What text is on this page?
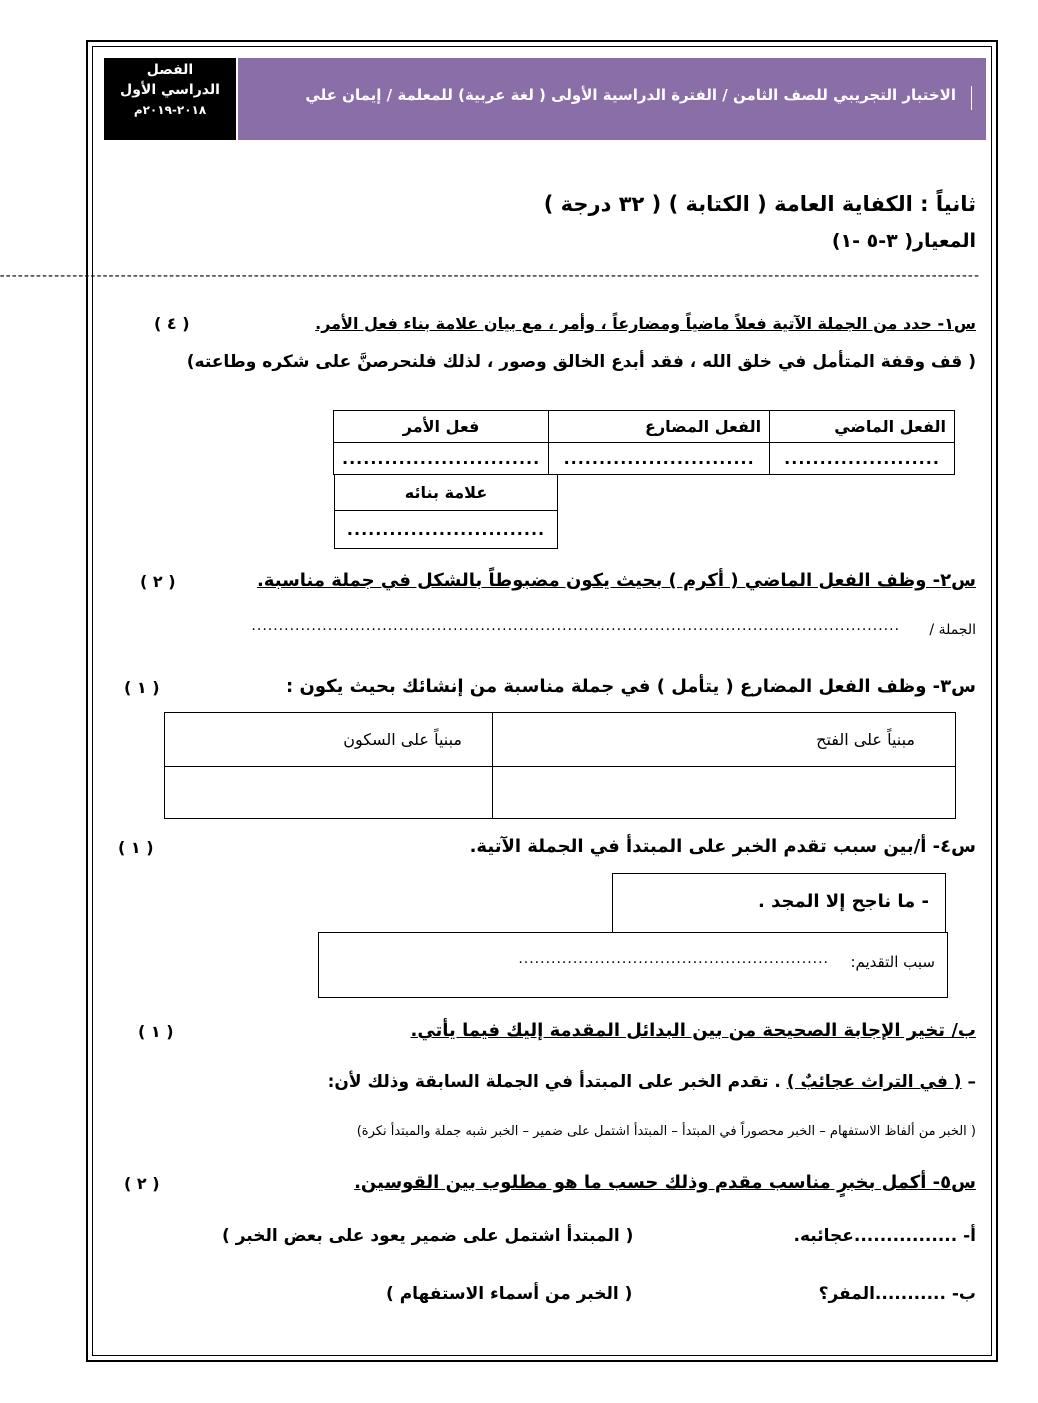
الفصل
الدراسي الأول
٢٠١٨-٢٠١٩م
الاختبار التجريبي للصف الثامن / الفترة الدراسية الأولى ( لغة عربية) للمعلمة / إيمان علي
ثانياً : الكفاية العامة ( الكتابة ) ( ٣٢ درجة )
المعيار( ٣-٥ -١)
------------------------------------------------------------------------------------------------------------------------------------------------------------------
س١- حدد من الجملة الآتية فعلاً ماضياً ومضارعاً ، وأمر ، مع بيان علامة بناء فعل الأمر.
( ٤ )
( قف وقفة المتأمل في خلق الله ، فقد أبدع الخالق وصور ، لذلك فلنحرصنَّ على شكره وطاعته)
الفعل الماضي	الفعل المضارع	فعل الأمر
......................	...........................	............................
علامة بنائه
............................
س٢- وظف الفعل الماضي ( أكرم ) بحيث يكون مضبوطاً بالشكل في جملة مناسبة.
( ٢ )
الجملة /
.......................................................................................................................
س٣- وظف الفعل المضارع ( يتأمل ) في جملة مناسبة من إنشائك بحيث يكون :
( ١ )
مبنياً على الفتح	مبنياً على السكون

س٤- أ/بين سبب تقدم الخبر على المبتدأ في الجملة الآتية.
( ١ )
- ما ناجح إلا المجد .
سبب التقديم:
.........................................................
ب/ تخير الإجابة الصحيحة من بين البدائل المقدمة إليك فيما يأتي.
( ١ )
– ( في التراث عجائبٌ ) . تقدم الخبر على المبتدأ في الجملة السابقة وذلك لأن:
( الخبر من ألفاظ الاستفهام – الخبر محصوراً في المبتدأ – المبتدأ اشتمل على ضمير – الخبر شبه جملة والمبتدأ نكرة)
س٥- أكمل بخبرٍ مناسب مقدم وذلك حسب ما هو مطلوب بين القوسين.
( ٢ )
أ- ................عجائبه.
( المبتدأ اشتمل على ضمير يعود على بعض الخبر )
ب- ...........المفر؟
( الخبر من أسماء الاستفهام )
